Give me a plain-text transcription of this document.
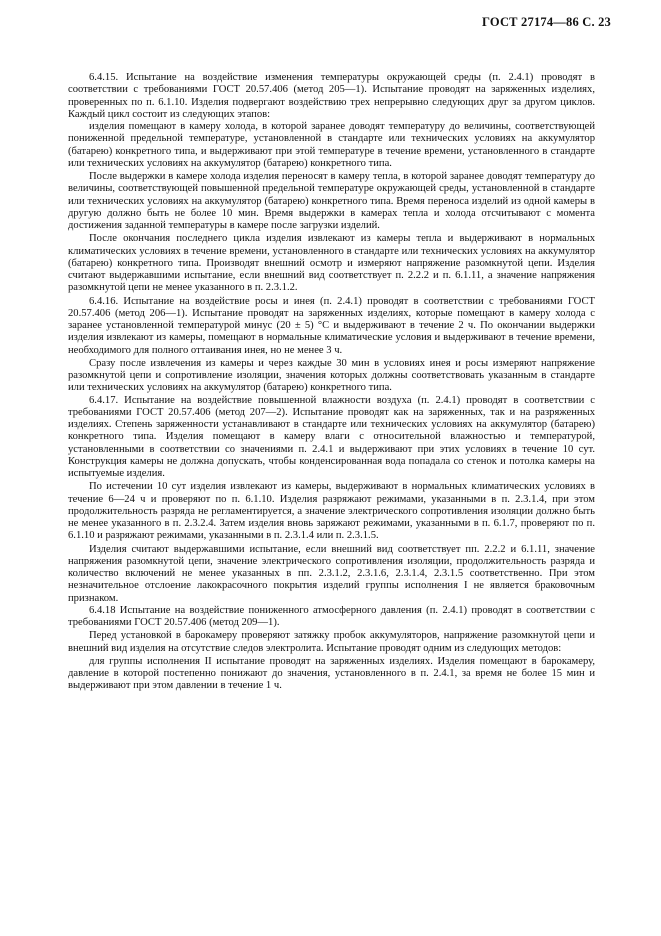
ГОСТ 27174—86 С. 23

6.4.15. Испытание на воздействие изменения температуры окружающей среды (п. 2.4.1) проводят в соответствии с требованиями ГОСТ 20.57.406 (метод 205—1). Испытание проводят на заряженных изделиях, проверенных по п. 6.1.10. Изделия подвергают воздействию трех непрерывно следующих друг за другом циклов. Каждый цикл состоит из следующих этапов:

изделия помещают в камеру холода, в которой заранее доводят температуру до величины, соответствующей пониженной предельной температуре, установленной в стандарте или технических условиях на аккумулятор (батарею) конкретного типа, и выдерживают при этой температуре в течение времени, установленного в стандарте или технических условиях на аккумулятор (батарею) конкретного типа.

После выдержки в камере холода изделия переносят в камеру тепла, в которой заранее доводят температуру до величины, соответствующей повышенной предельной температуре окружающей среды, установленной в стандарте или технических условиях на аккумулятор (батарею) конкретного типа. Время переноса изделий из одной камеры в другую должно быть не более 10 мин. Время выдержки в камерах тепла и холода отсчитывают с момента достижения заданной температуры в камере после загрузки изделий.

После окончания последнего цикла изделия извлекают из камеры тепла и выдерживают в нормальных климатических условиях в течение времени, установленного в стандарте или технических условиях на аккумулятор (батарею) конкретного типа. Производят внешний осмотр и измеряют напряжение разомкнутой цепи. Изделия считают выдержавшими испытание, если внешний вид соответствует п. 2.2.2 и п. 6.1.11, а значение напряжения разомкнутой цепи не менее указанного в п. 2.3.1.2.

6.4.16. Испытание на воздействие росы и инея (п. 2.4.1) проводят в соответствии с требованиями ГОСТ 20.57.406 (метод 206—1). Испытание проводят на заряженных изделиях, которые помещают в камеру холода с заранее установленной температурой минус (20 ± 5) °С и выдерживают в течение 2 ч. По окончании выдержки изделия извлекают из камеры, помещают в нормальные климатические условия и выдерживают в течение времени, необходимого для полного оттаивания инея, но не менее 3 ч.

Сразу после извлечения из камеры и через каждые 30 мин в условиях инея и росы измеряют напряжение разомкнутой цепи и сопротивление изоляции, значения которых должны соответствовать указанным в стандарте или технических условиях на аккумулятор (батарею) конкретного типа.

6.4.17. Испытание на воздействие повышенной влажности воздуха (п. 2.4.1) проводят в соответствии с требованиями ГОСТ 20.57.406 (метод 207—2). Испытание проводят как на заряженных, так и на разряженных изделиях. Степень заряженности устанавливают в стандарте или технических условиях на аккумулятор (батарею) конкретного типа. Изделия помещают в камеру влаги с относительной влажностью и температурой, установленными в соответствии со значениями п. 2.4.1 и выдерживают при этих условиях в течение 10 сут. Конструкция камеры не должна допускать, чтобы конденсированная вода попадала со стенок и потолка камеры на испытуемые изделия.

По истечении 10 сут изделия извлекают из камеры, выдерживают в нормальных климатических условиях в течение 6—24 ч и проверяют по п. 6.1.10. Изделия разряжают режимами, указанными в п. 2.3.1.4, при этом продолжительность разряда не регламентируется, а значение электрического сопротивления изоляции должно быть не менее указанного в п. 2.3.2.4. Затем изделия вновь заряжают режимами, указанными в п. 6.1.7, проверяют по п. 6.1.10 и разряжают режимами, указанными в п. 2.3.1.4 или п. 2.3.1.5.

Изделия считают выдержавшими испытание, если внешний вид соответствует пп. 2.2.2 и 6.1.11, значение напряжения разомкнутой цепи, значение электрического сопротивления изоляции, продолжительность разряда и количество включений не менее указанных в пп. 2.3.1.2, 2.3.1.6, 2.3.1.4, 2.3.1.5 соответственно. При этом незначительное отслоение лакокрасочного покрытия изделий группы исполнения I не является браковочным признаком.

6.4.18 Испытание на воздействие пониженного атмосферного давления (п. 2.4.1) проводят в соответствии с требованиями ГОСТ 20.57.406 (метод 209—1).

Перед установкой в барокамеру проверяют затяжку пробок аккумуляторов, напряжение разомкнутой цепи и внешний вид изделия на отсутствие следов электролита. Испытание проводят одним из следующих методов:

для группы исполнения II испытание проводят на заряженных изделиях. Изделия помещают в барокамеру, давление в которой постепенно понижают до значения, установленного в п. 2.4.1, за время не более 15 мин и выдерживают при этом давлении в течение 1 ч.
